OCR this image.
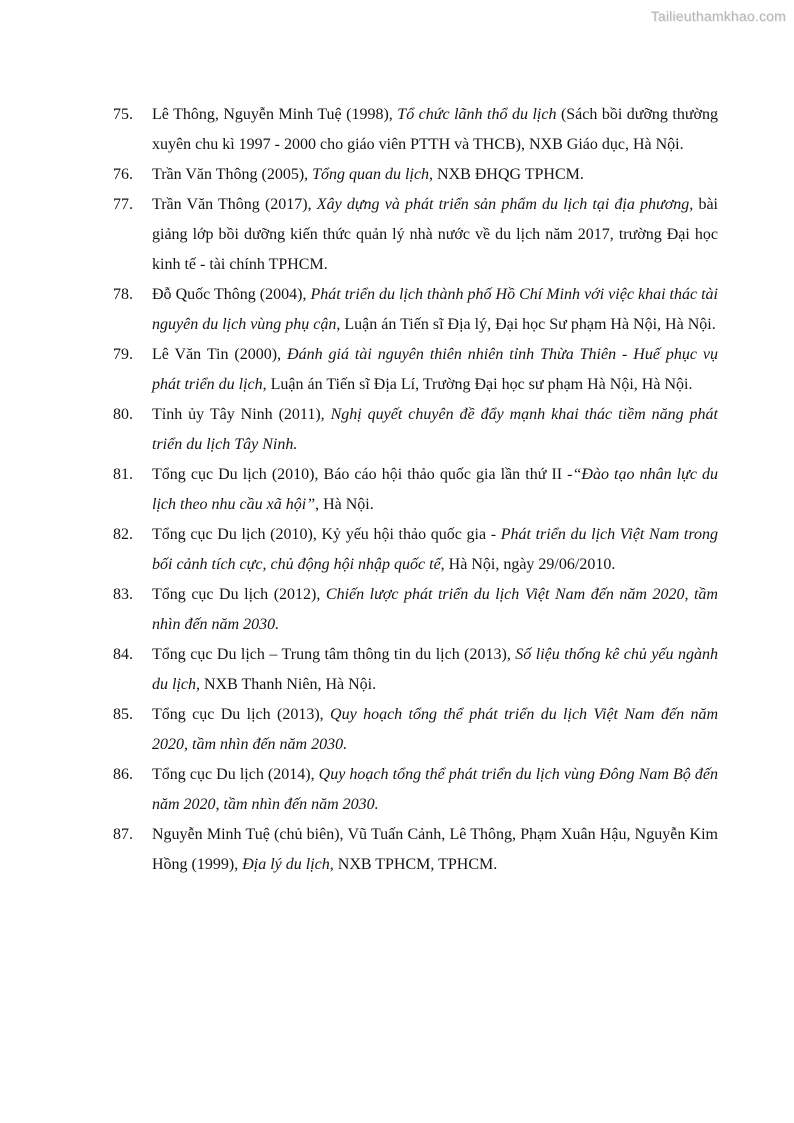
Tailieuthamkhao.com
75.	Lê Thông, Nguyễn Minh Tuệ (1998), Tổ chức lãnh thổ du lịch (Sách bồi dưỡng thường xuyên chu kì 1997 - 2000 cho giáo viên PTTH và THCB), NXB Giáo dục, Hà Nội.
76.	Trần Văn Thông (2005), Tổng quan du lịch, NXB ĐHQG TPHCM.
77.	Trần Văn Thông (2017), Xây dựng và phát triển sản phẩm du lịch tại địa phương, bài giảng lớp bồi dưỡng kiến thức quản lý nhà nước về du lịch năm 2017, trường Đại học kinh tế - tài chính TPHCM.
78.	Đỗ Quốc Thông (2004), Phát triển du lịch thành phố Hồ Chí Minh với việc khai thác tài nguyên du lịch vùng phụ cận, Luận án Tiến sĩ Địa lý, Đại học Sư phạm Hà Nội, Hà Nội.
79.	Lê Văn Tin (2000), Đánh giá tài nguyên thiên nhiên tỉnh Thừa Thiên - Huế phục vụ phát triển du lịch, Luận án Tiến sĩ Địa Lí, Trường Đại học sư phạm Hà Nội, Hà Nội.
80.	Tỉnh ủy Tây Ninh (2011), Nghị quyết chuyên đề đẩy mạnh khai thác tiềm năng phát triển du lịch Tây Ninh.
81.	Tổng cục Du lịch (2010), Báo cáo hội thảo quốc gia lần thứ II -“Đào tạo nhân lực du lịch theo nhu cầu xã hội”, Hà Nội.
82.	Tổng cục Du lịch (2010), Kỷ yếu hội thảo quốc gia - Phát triển du lịch Việt Nam trong bối cảnh tích cực, chủ động hội nhập quốc tế, Hà Nội, ngày 29/06/2010.
83.	Tổng cục Du lịch (2012), Chiến lược phát triển du lịch Việt Nam đến năm 2020, tầm nhìn đến năm 2030.
84.	Tổng cục Du lịch – Trung tâm thông tin du lịch (2013), Số liệu thống kê chủ yếu ngành du lịch, NXB Thanh Niên, Hà Nội.
85.	Tổng cục Du lịch (2013), Quy hoạch tổng thể phát triển du lịch Việt Nam đến năm 2020, tầm nhìn đến năm 2030.
86.	Tổng cục Du lịch (2014), Quy hoạch tổng thể phát triển du lịch vùng Đông Nam Bộ đến năm 2020, tầm nhìn đến năm 2030.
87.	Nguyễn Minh Tuệ (chủ biên), Vũ Tuấn Cảnh, Lê Thông, Phạm Xuân Hậu, Nguyễn Kim Hồng (1999), Địa lý du lịch, NXB TPHCM, TPHCM.
